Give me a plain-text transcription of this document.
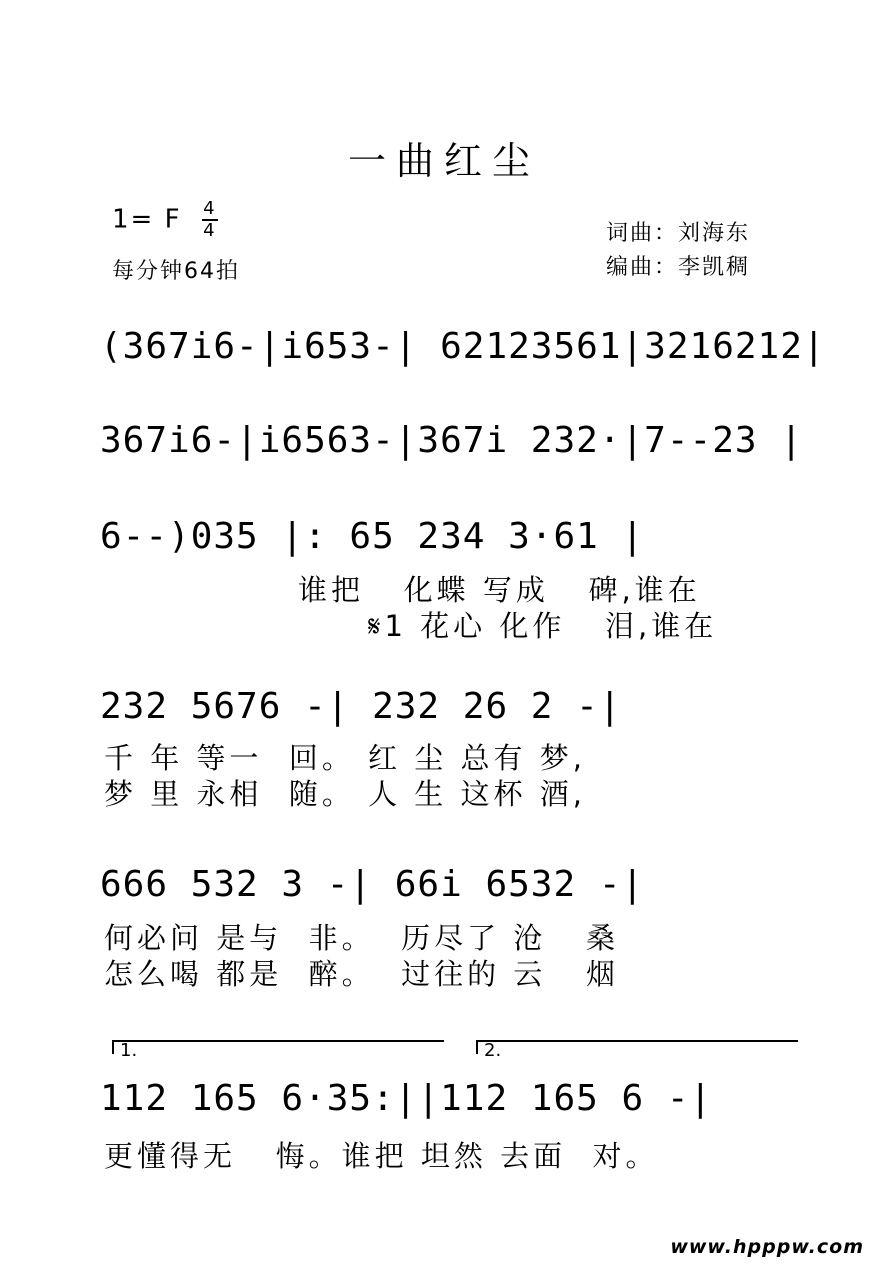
一曲红尘
1= F $\frac{4}{4}$
每分钟64拍
词曲：刘海东
编曲：李凯稠
(367i6-|i653-| 62123561|3216212|
367i6-|i6563-|367i 232·|7--23 |
6--)035 |: 65 234 3·61 |
谁把   化蝶 写成   碑,谁在
𝄋1 花心 化作   泪,谁在
232 5676 -| 232 26 2 -|
千 年 等一  回。 红 尘 总有 梦,
梦 里 永相  随。 人 生 这杯 酒,
666 532 3 -| 66i 6532 -|
何必问 是与  非。  历尽了 沧   桑
怎么喝 都是  醉。  过往的 云   烟
1.	2.
112 165 6·35:||112 165 6 -|
更懂得无   悔。谁把 坦然 去面  对。
www.hpppw.com
